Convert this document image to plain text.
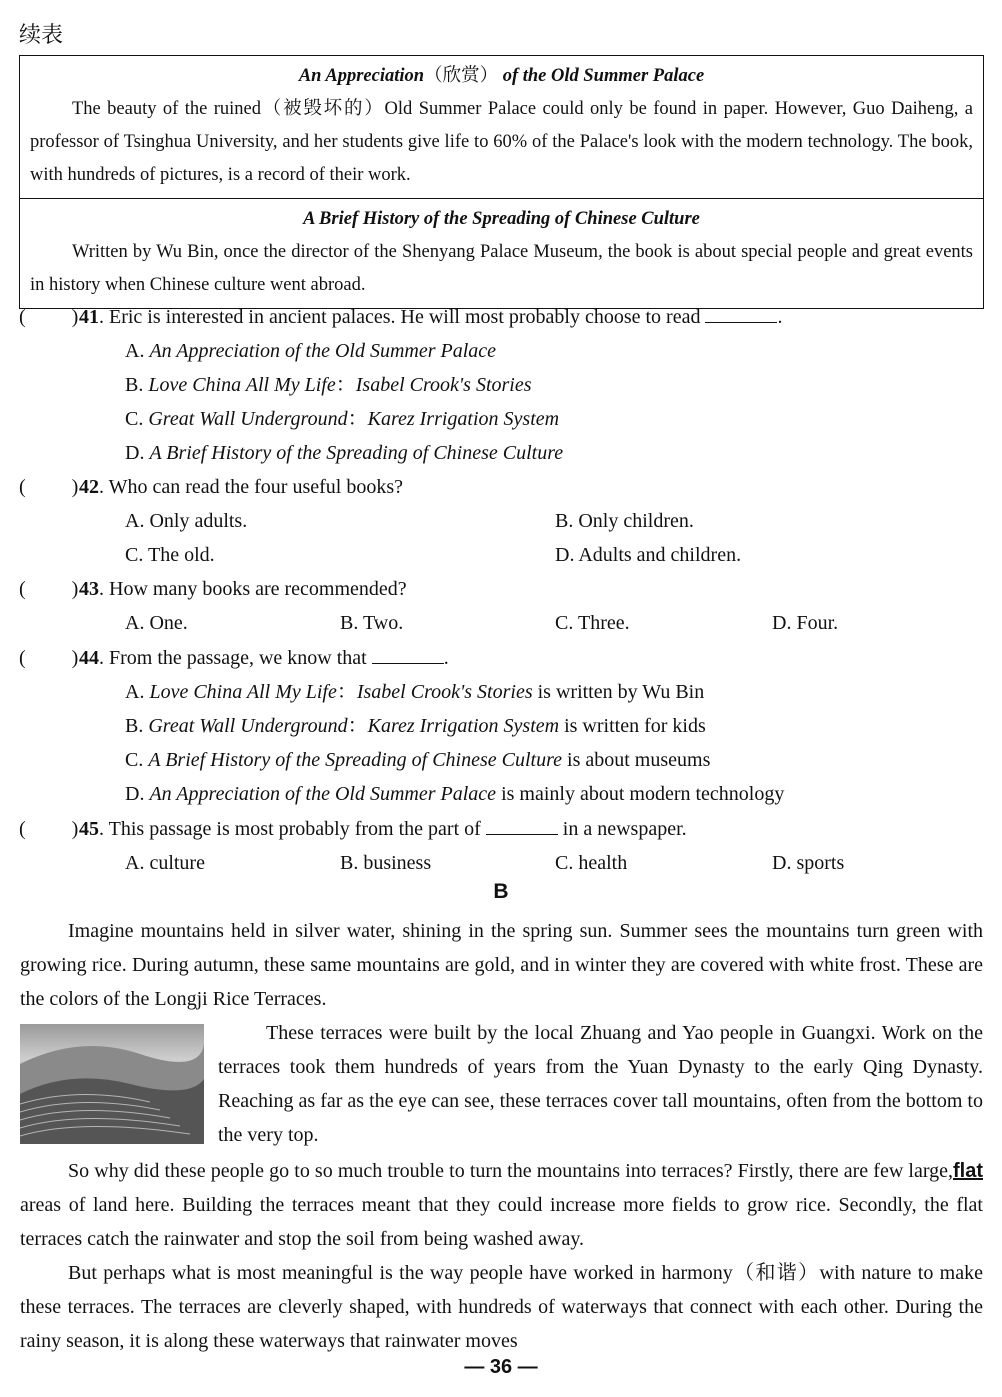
续表
An Appreciation（欣赏） of the Old Summer Palace
The beauty of the ruined（被毁坏的）Old Summer Palace could only be found in paper. However, Guo Daiheng, a professor of Tsinghua University, and her students give life to 60% of the Palace's look with the modern technology. The book, with hundreds of pictures, is a record of their work.
A Brief History of the Spreading of Chinese Culture
Written by Wu Bin, once the director of the Shenyang Palace Museum, the book is about special people and great events in history when Chinese culture went abroad.
( )41. Eric is interested in ancient palaces. He will most probably choose to read	.
A. An Appreciation of the Old Summer Palace
B. Love China All My Life：Isabel Crook's Stories
C. Great Wall Underground：Karez Irrigation System
D. A Brief History of the Spreading of Chinese Culture
( )42. Who can read the four useful books?
A. Only adults.	B. Only children.
C. The old.	D. Adults and children.
( )43. How many books are recommended?
A. One.	B. Two.	C. Three.	D. Four.
( )44. From the passage, we know that	.
A. Love China All My Life：Isabel Crook's Stories is written by Wu Bin
B. Great Wall Underground：Karez Irrigation System is written for kids
C. A Brief History of the Spreading of Chinese Culture is about museums
D. An Appreciation of the Old Summer Palace is mainly about modern technology
( )45. This passage is most probably from the part of	in a newspaper.
A. culture	B. business	C. health	D. sports
B
Imagine mountains held in silver water, shining in the spring sun. Summer sees the mountains turn green with growing rice. During autumn, these same mountains are gold, and in winter they are covered with white frost. These are the colors of the Longji Rice Terraces.
These terraces were built by the local Zhuang and Yao people in Guangxi. Work on the terraces took them hundreds of years from the Yuan Dynasty to the early Qing Dynasty. Reaching as far as the eye can see, these terraces cover tall mountains, often from the bottom to the very top.
So why did these people go to so much trouble to turn the mountains into terraces? Firstly, there are few large,flat areas of land here. Building the terraces meant that they could increase more fields to grow rice. Secondly, the flat terraces catch the rainwater and stop the soil from being washed away.
But perhaps what is most meaningful is the way people have worked in harmony（和谐）with nature to make these terraces. The terraces are cleverly shaped, with hundreds of waterways that connect with each other. During the rainy season, it is along these waterways that rainwater moves
— 36 —
